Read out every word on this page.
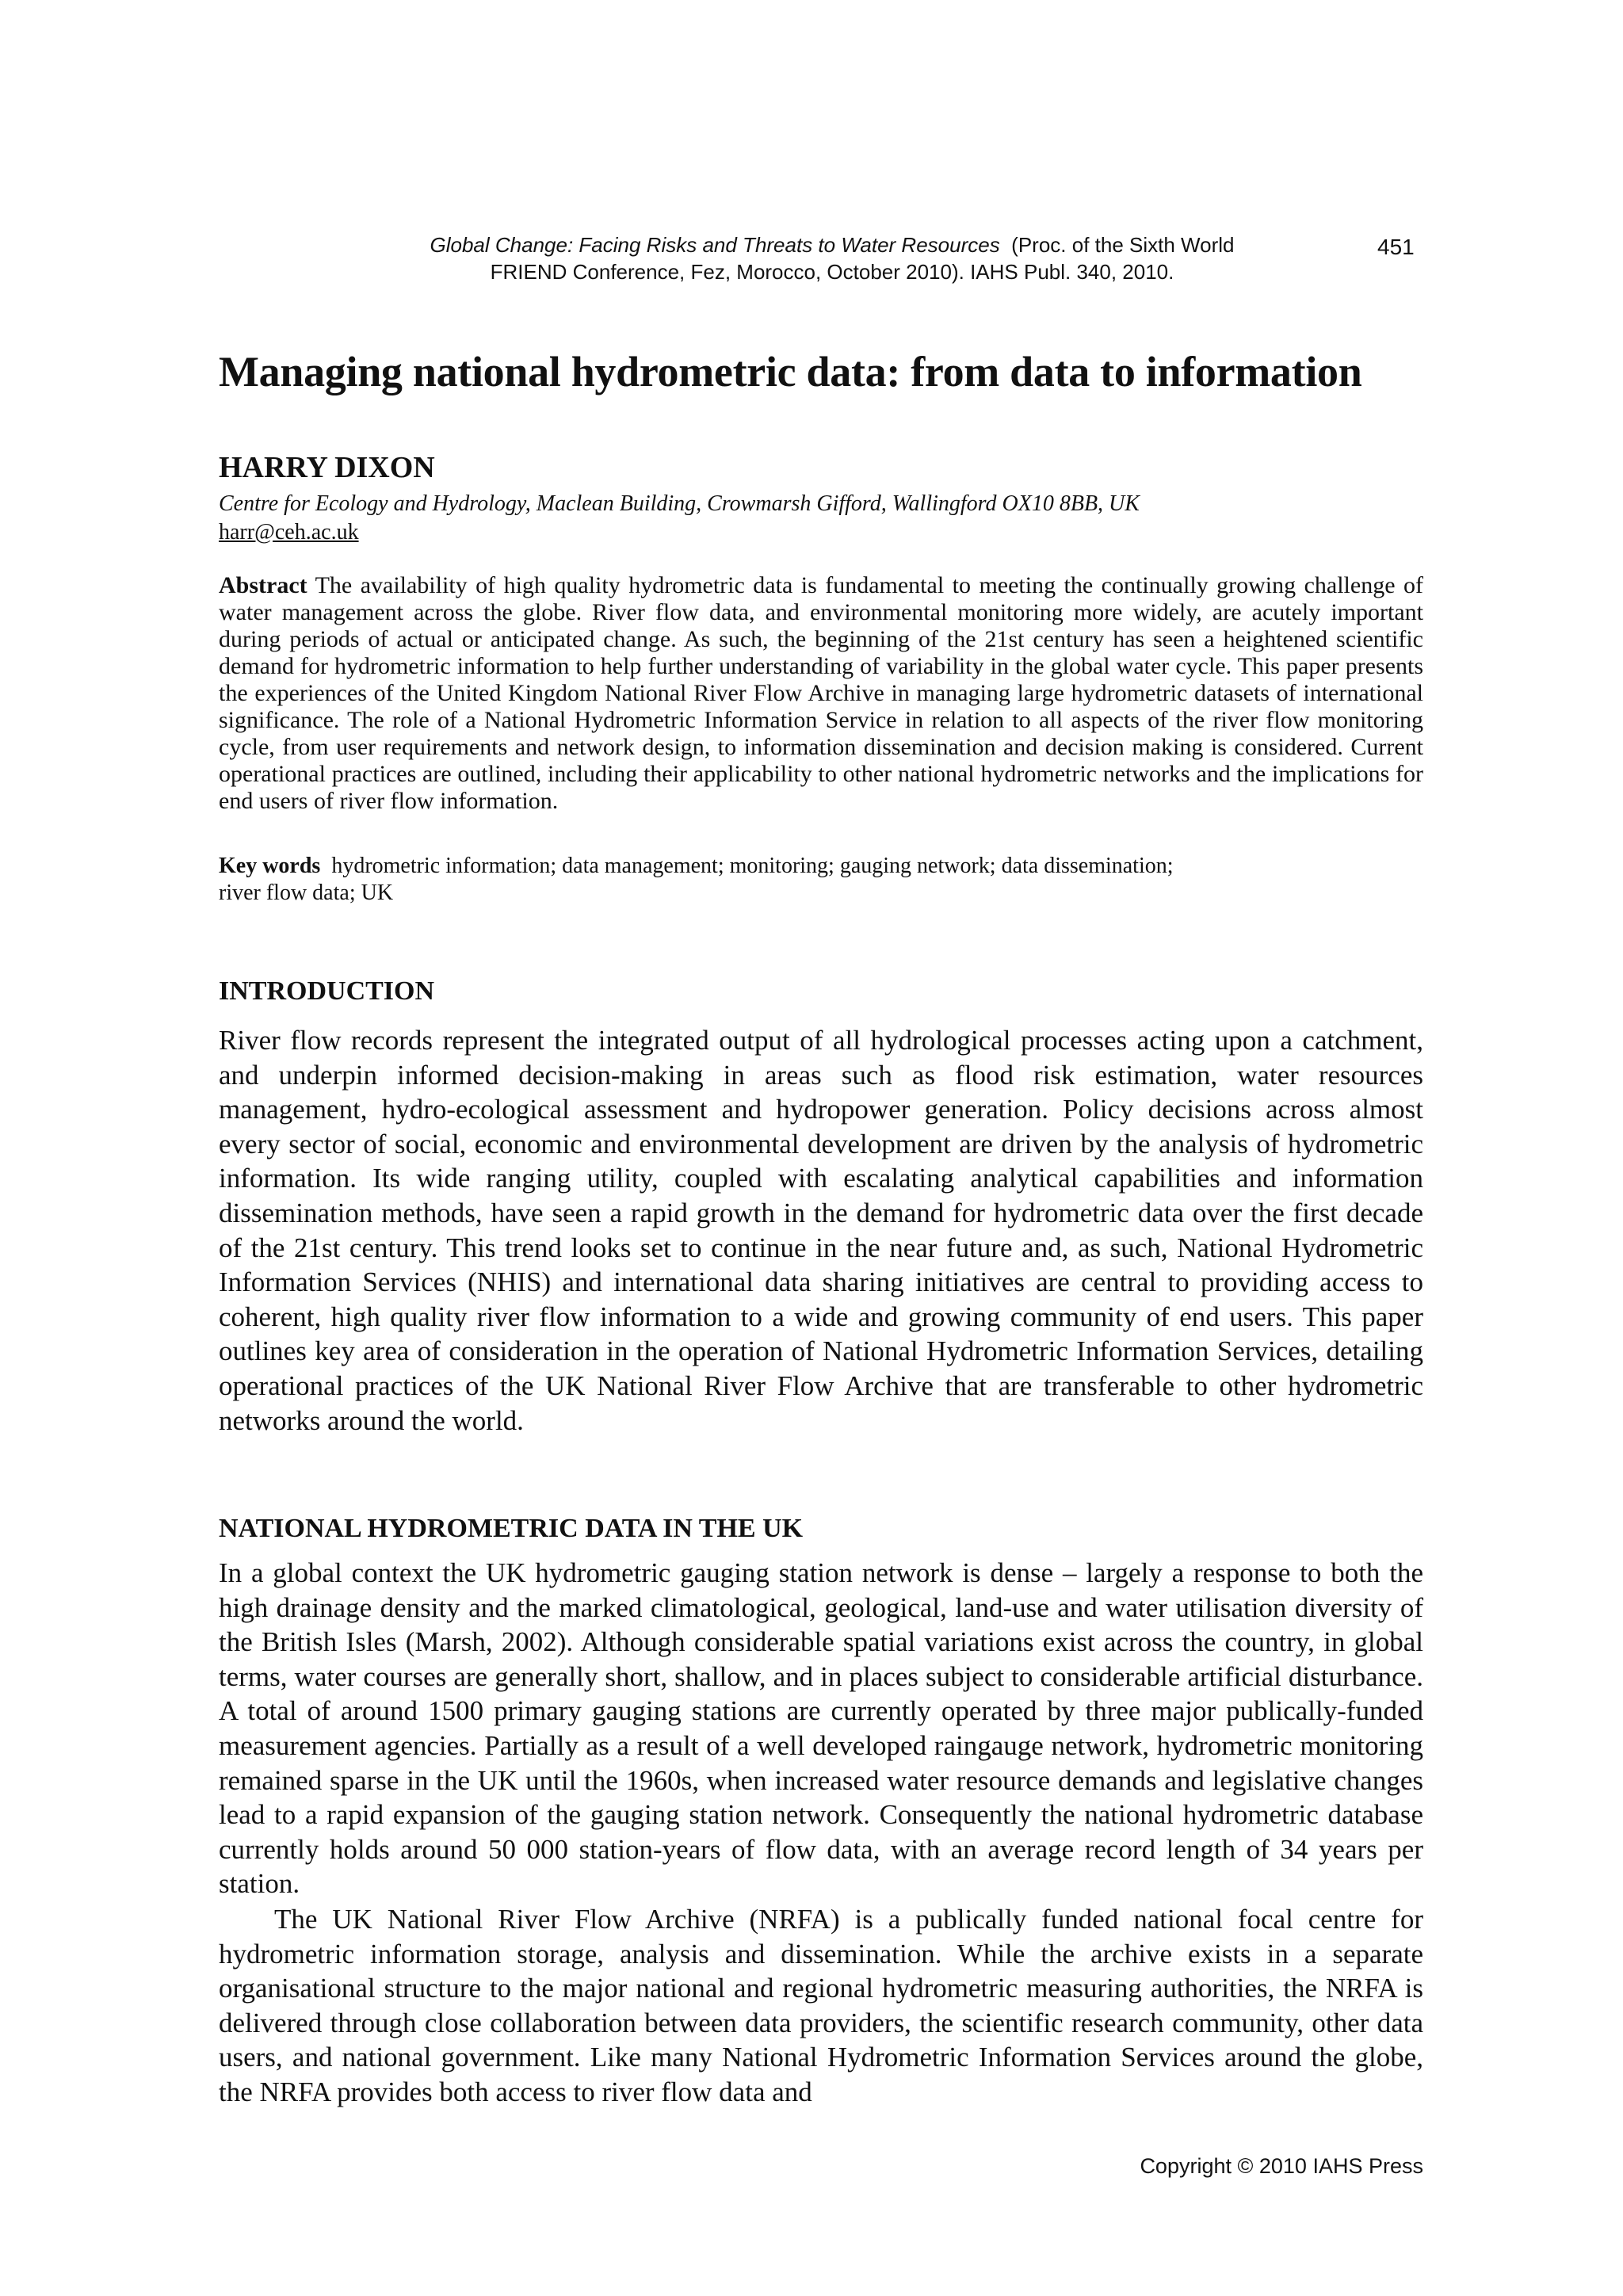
Global Change: Facing Risks and Threats to Water Resources (Proc. of the Sixth World
FRIEND Conference, Fez, Morocco, October 2010). IAHS Publ. 340, 2010.
451
Managing national hydrometric data: from data to information
HARRY DIXON
Centre for Ecology and Hydrology, Maclean Building, Crowmarsh Gifford, Wallingford OX10 8BB, UK
harr@ceh.ac.uk
Abstract The availability of high quality hydrometric data is fundamental to meeting the continually growing challenge of water management across the globe. River flow data, and environmental monitoring more widely, are acutely important during periods of actual or anticipated change. As such, the beginning of the 21st century has seen a heightened scientific demand for hydrometric information to help further understanding of variability in the global water cycle. This paper presents the experiences of the United Kingdom National River Flow Archive in managing large hydrometric datasets of international significance. The role of a National Hydrometric Information Service in relation to all aspects of the river flow monitoring cycle, from user requirements and network design, to information dissemination and decision making is considered. Current operational practices are outlined, including their applicability to other national hydrometric networks and the implications for end users of river flow information.
Key words hydrometric information; data management; monitoring; gauging network; data dissemination;
river flow data; UK
INTRODUCTION
River flow records represent the integrated output of all hydrological processes acting upon a catchment, and underpin informed decision-making in areas such as flood risk estimation, water resources management, hydro-ecological assessment and hydropower generation. Policy decisions across almost every sector of social, economic and environmental development are driven by the analysis of hydrometric information. Its wide ranging utility, coupled with escalating analytical capabilities and information dissemination methods, have seen a rapid growth in the demand for hydrometric data over the first decade of the 21st century. This trend looks set to continue in the near future and, as such, National Hydrometric Information Services (NHIS) and international data sharing initiatives are central to providing access to coherent, high quality river flow information to a wide and growing community of end users. This paper outlines key area of consideration in the operation of National Hydrometric Information Services, detailing operational practices of the UK National River Flow Archive that are transferable to other hydrometric networks around the world.
NATIONAL HYDROMETRIC DATA IN THE UK
In a global context the UK hydrometric gauging station network is dense – largely a response to both the high drainage density and the marked climatological, geological, land-use and water utilisation diversity of the British Isles (Marsh, 2002). Although considerable spatial variations exist across the country, in global terms, water courses are generally short, shallow, and in places subject to considerable artificial disturbance. A total of around 1500 primary gauging stations are currently operated by three major publically-funded measurement agencies. Partially as a result of a well developed raingauge network, hydrometric monitoring remained sparse in the UK until the 1960s, when increased water resource demands and legislative changes lead to a rapid expansion of the gauging station network. Consequently the national hydrometric database currently holds around 50 000 station-years of flow data, with an average record length of 34 years per station.
The UK National River Flow Archive (NRFA) is a publically funded national focal centre for hydrometric information storage, analysis and dissemination. While the archive exists in a separate organisational structure to the major national and regional hydrometric measuring authorities, the NRFA is delivered through close collaboration between data providers, the scientific research community, other data users, and national government. Like many National Hydrometric Information Services around the globe, the NRFA provides both access to river flow data and
Copyright © 2010 IAHS Press
